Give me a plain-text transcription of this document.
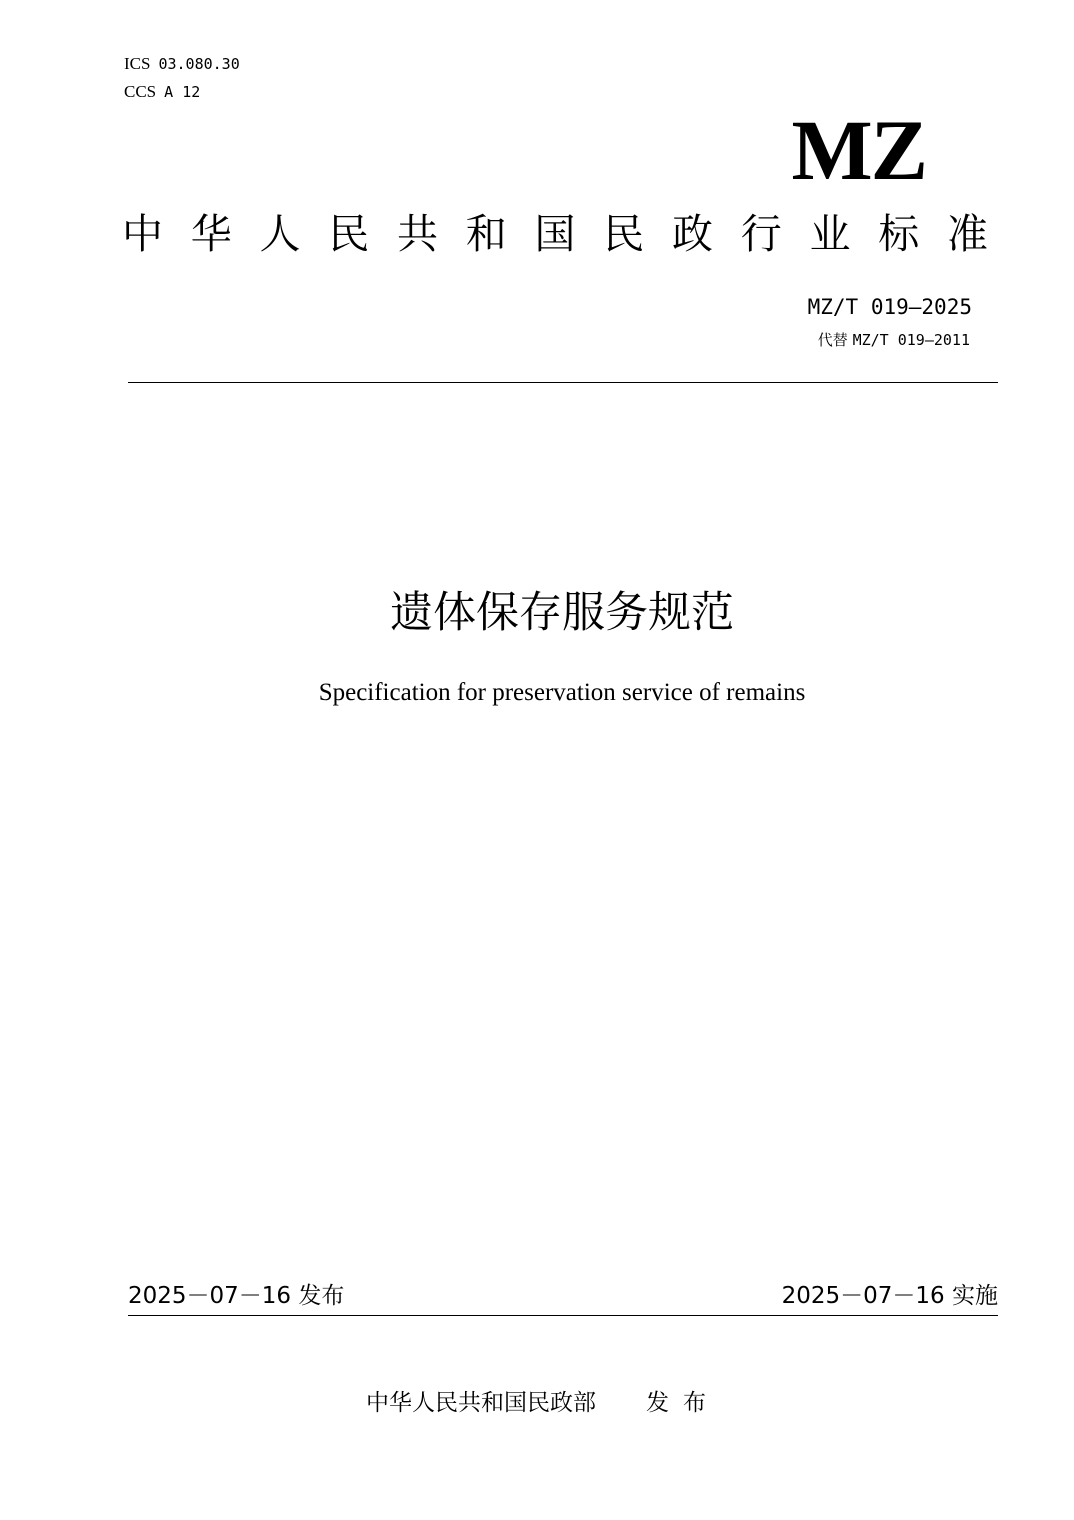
ICS 03.080.30
CCS A 12
MZ
中 华 人 民 共 和 国 民 政 行 业 标 准
MZ/T 019—2025
代替 MZ/T 019—2011
遗体保存服务规范
Specification for preservation service of remains
2025－07－16 发布	2025－07－16 实施
中华人民共和国民政部 发布
